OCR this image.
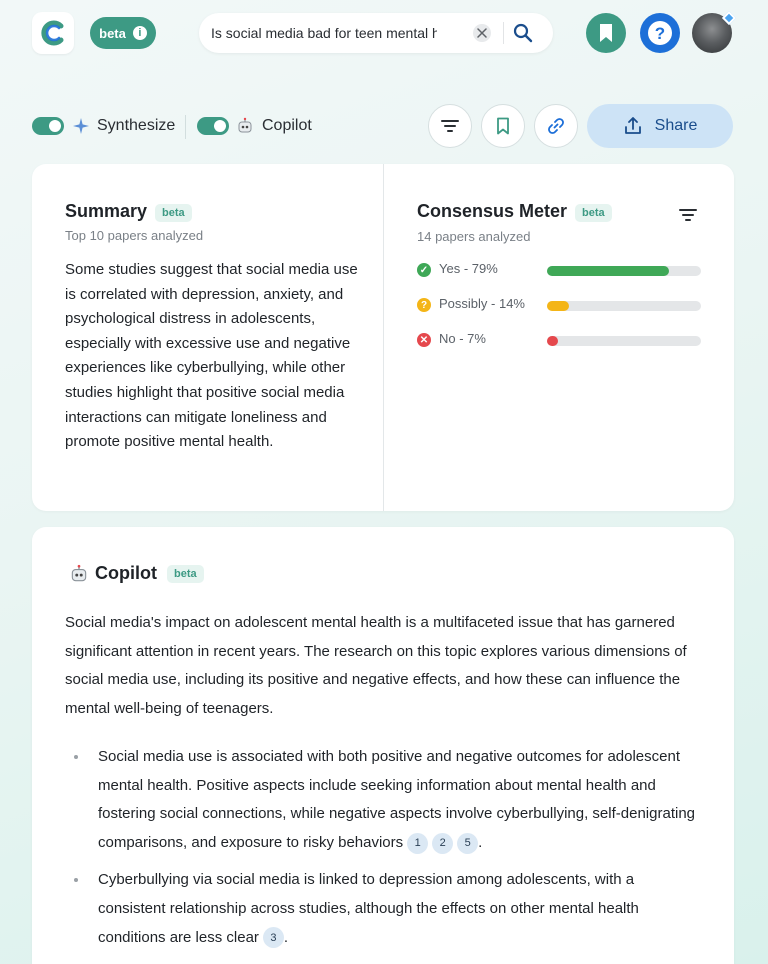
beta	i
Is social media bad for teen mental health	?
Synthesize	Copilot	Share
Summary beta
Top 10 papers analyzed
Some studies suggest that social media use is correlated with depression, anxiety, and psychological distress in adolescents, especially with excessive use and negative experiences like cyberbullying, while other studies highlight that positive social media interactions can mitigate loneliness and promote positive mental health.
Consensus Meter beta
14 papers analyzed
✓ Yes - 79%
? Possibly - 14%
✕ No - 7%
Copilot	beta
Social media's impact on adolescent mental health is a multifaceted issue that has garnered significant attention in recent years. The research on this topic explores various dimensions of social media use, including its positive and negative effects, and how these can influence the mental well-being of teenagers.
Social media use is associated with both positive and negative outcomes for adolescent mental health. Positive aspects include seeking information about mental health and fostering social connections, while negative aspects involve cyberbullying, self-denigrating comparisons, and exposure to risky behaviors 1 2 5 .
Cyberbullying via social media is linked to depression among adolescents, with a consistent relationship across studies, although the effects on other mental health conditions are less clear 3 .
